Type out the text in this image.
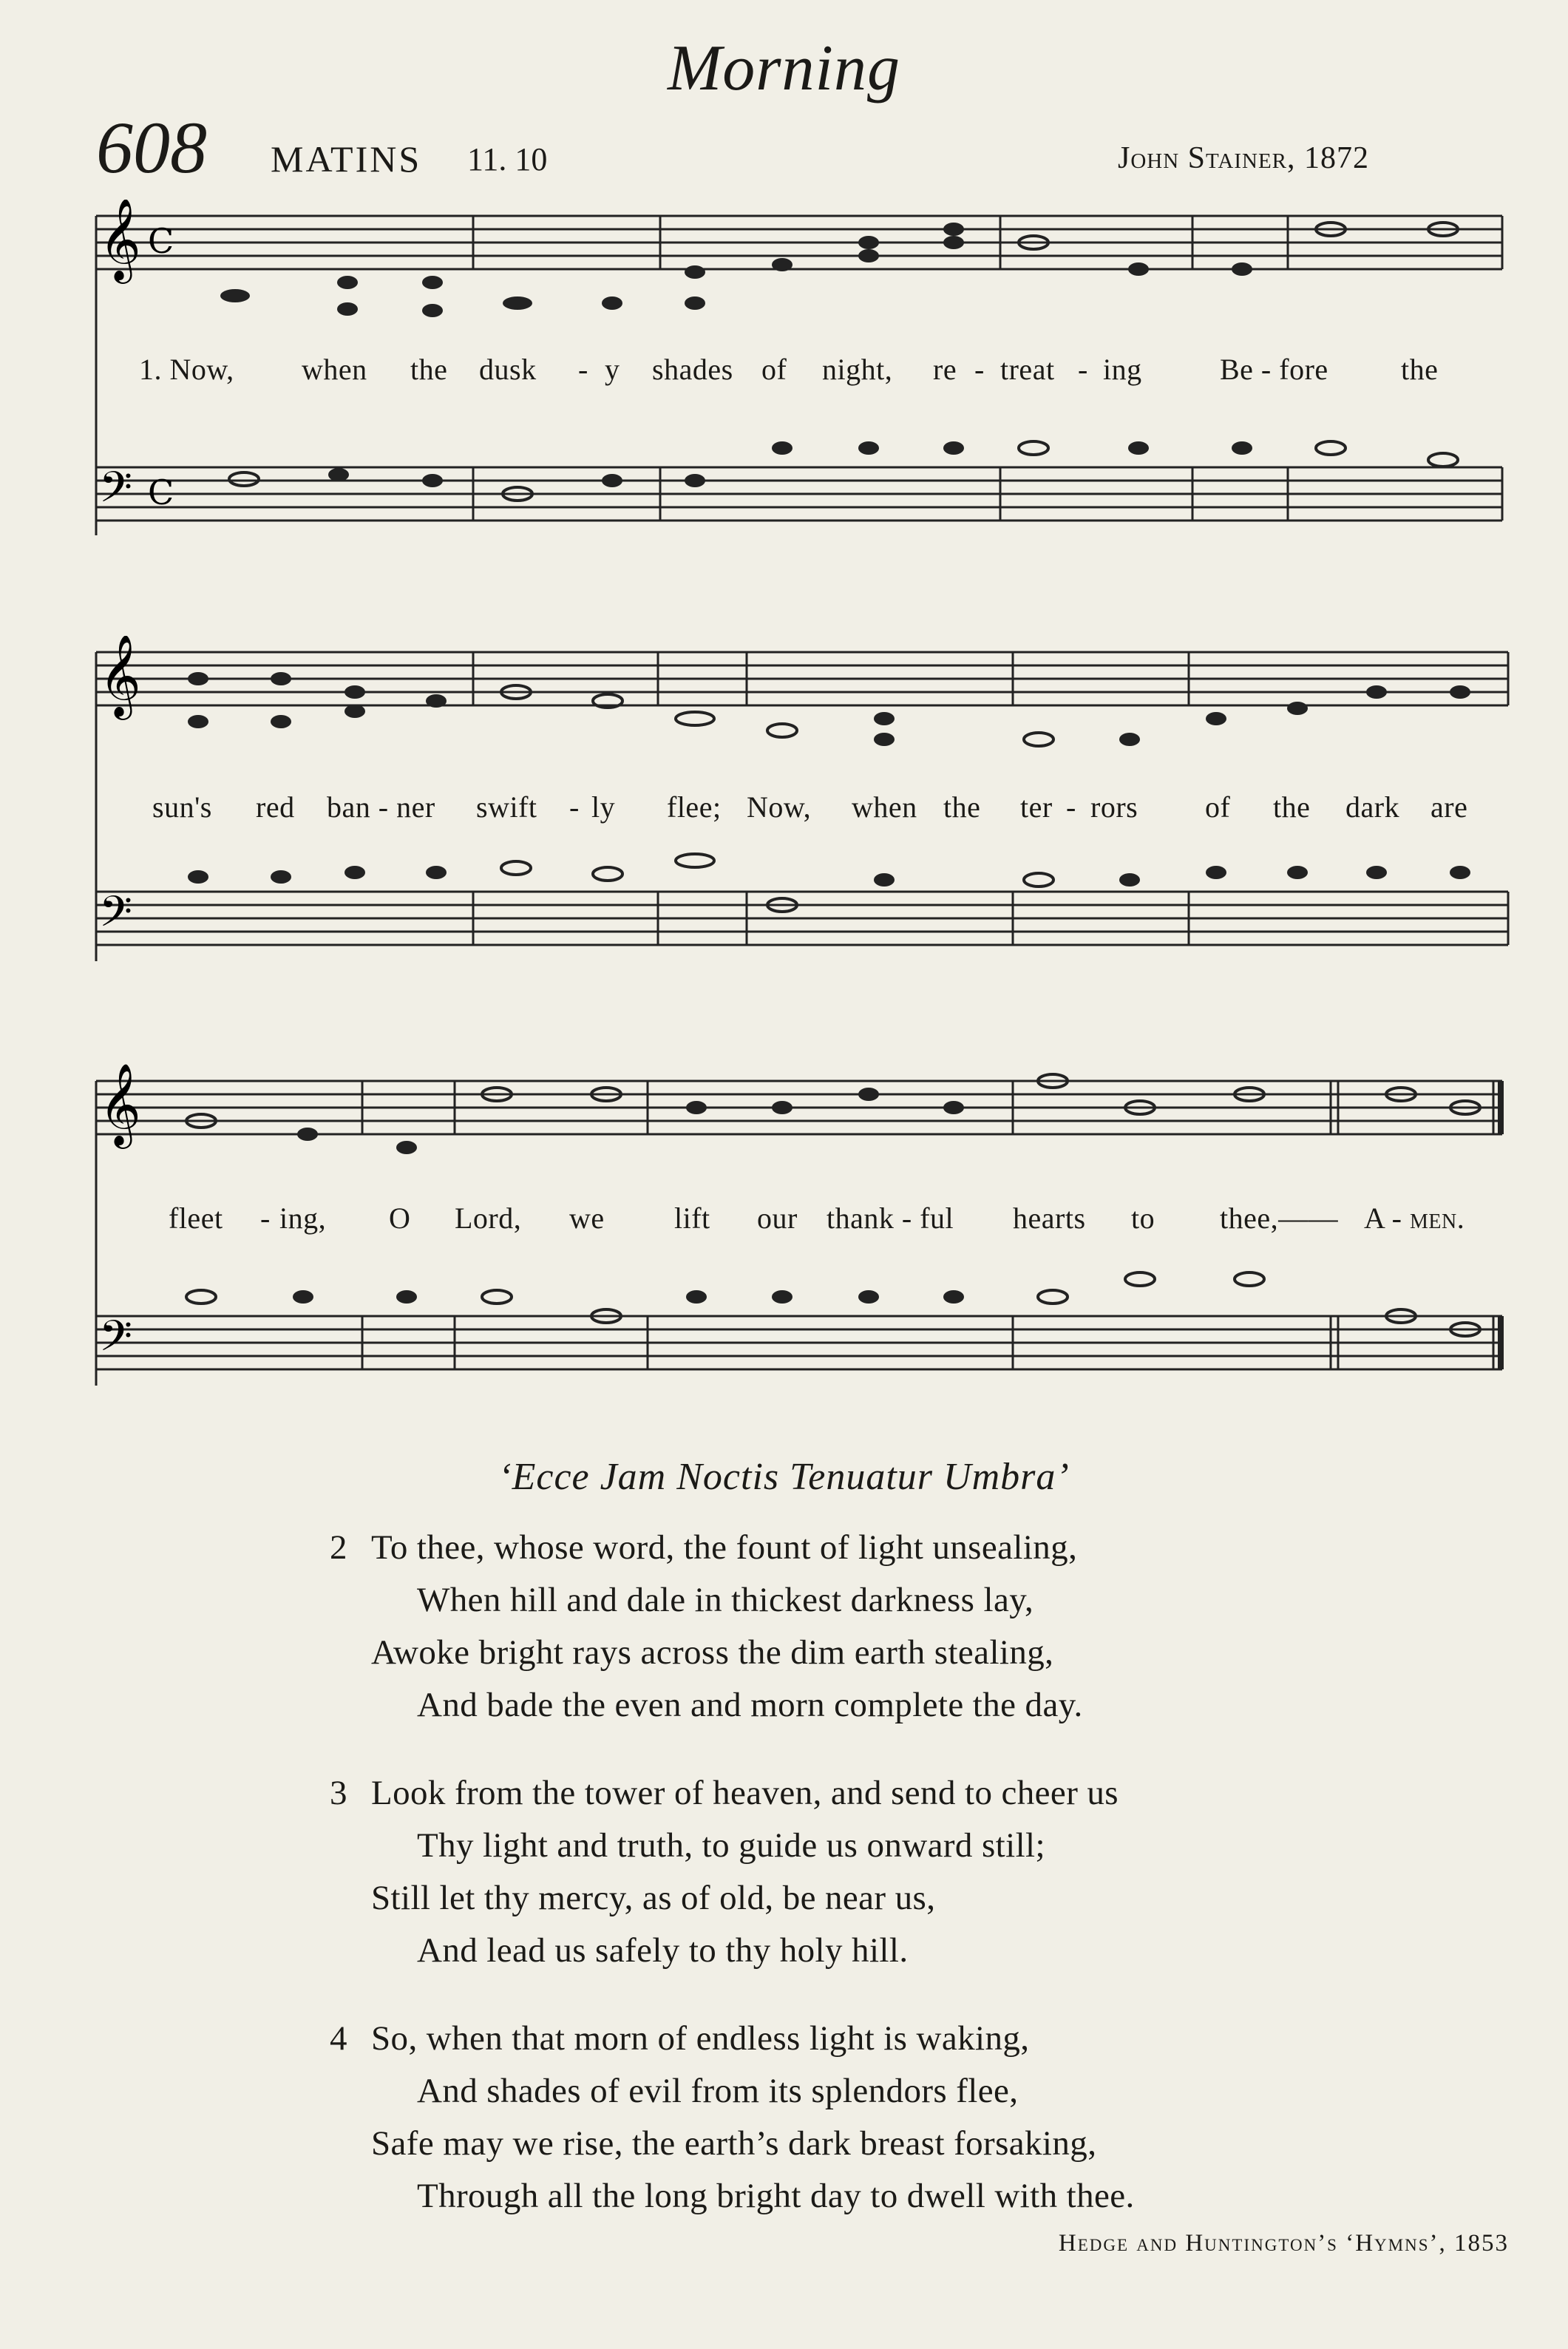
Morning
608 MATINS 11. 10	John Stainer, 1872
𝄞 C
𝄢 C
1. Now, when the dusk - y shades of night, re - treat - ing	Be - fore the
𝄞
𝄢
sun's red ban - ner swift - ly flee; Now, when the ter - rors of the dark are
𝄞
𝄢
fleet - ing, O Lord, we lift our thank - ful hearts to thee,—— A - men.
‘Ecce Jam Noctis Tenuatur Umbra’
2 To thee, whose word, the fount of light unsealing,
When hill and dale in thickest darkness lay,
Awoke bright rays across the dim earth stealing,
And bade the even and morn complete the day.
3 Look from the tower of heaven, and send to cheer us
Thy light and truth, to guide us onward still;
Still let thy mercy, as of old, be near us,
And lead us safely to thy holy hill.
4 So, when that morn of endless light is waking,
And shades of evil from its splendors flee,
Safe may we rise, the earth’s dark breast forsaking,
Through all the long bright day to dwell with thee.
Hedge and Huntington’s ‘Hymns’, 1853
